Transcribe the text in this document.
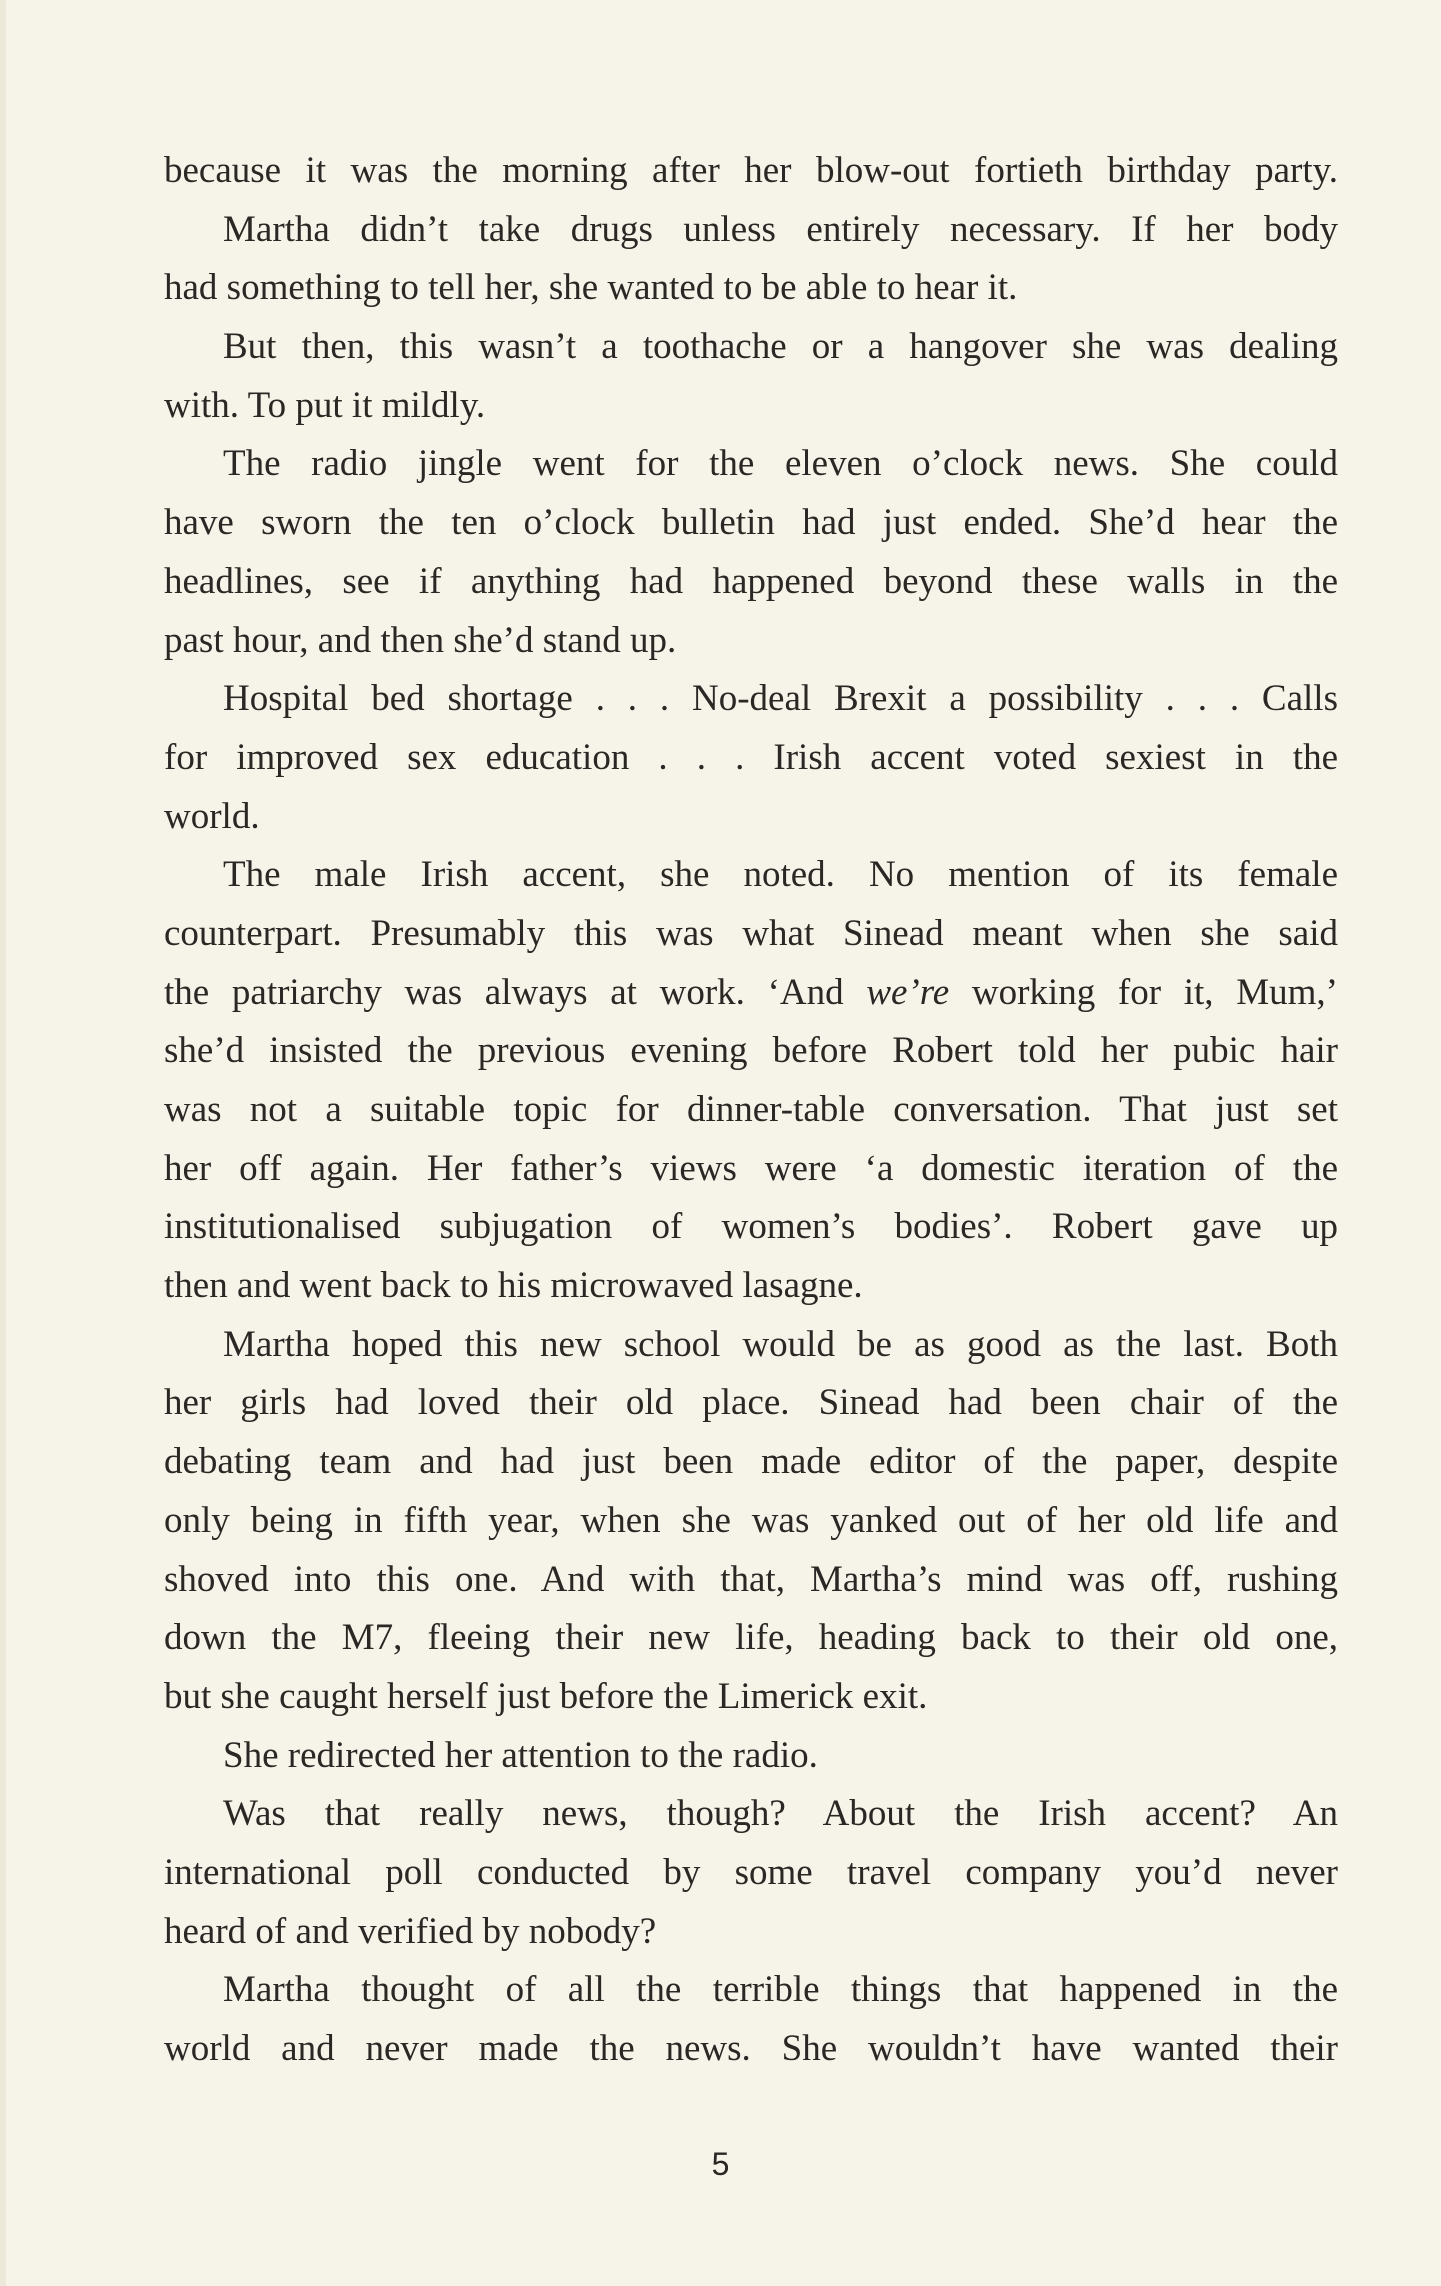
because it was the morning after her blow-out fortieth birthday party.
Martha didn’t take drugs unless entirely necessary. If her body
had something to tell her, she wanted to be able to hear it.
But then, this wasn’t a toothache or a hangover she was dealing
with. To put it mildly.
The radio jingle went for the eleven o’clock news. She could
have sworn the ten o’clock bulletin had just ended. She’d hear the
headlines, see if anything had happened beyond these walls in the
past hour, and then she’d stand up.
Hospital bed shortage . . . No-deal Brexit a possibility . . . Calls
for improved sex education . . . Irish accent voted sexiest in the
world.
The male Irish accent, she noted. No mention of its female
counterpart. Presumably this was what Sinead meant when she said
the patriarchy was always at work. ‘And we’re working for it, Mum,’
she’d insisted the previous evening before Robert told her pubic hair
was not a suitable topic for dinner-table conversation. That just set
her off again. Her father’s views were ‘a domestic iteration of the
institutionalised subjugation of women’s bodies’. Robert gave up
then and went back to his microwaved lasagne.
Martha hoped this new school would be as good as the last. Both
her girls had loved their old place. Sinead had been chair of the
debating team and had just been made editor of the paper, despite
only being in fifth year, when she was yanked out of her old life and
shoved into this one. And with that, Martha’s mind was off, rushing
down the M7, fleeing their new life, heading back to their old one,
but she caught herself just before the Limerick exit.
She redirected her attention to the radio.
Was that really news, though? About the Irish accent? An
international poll conducted by some travel company you’d never
heard of and verified by nobody?
Martha thought of all the terrible things that happened in the
world and never made the news. She wouldn’t have wanted their
5
